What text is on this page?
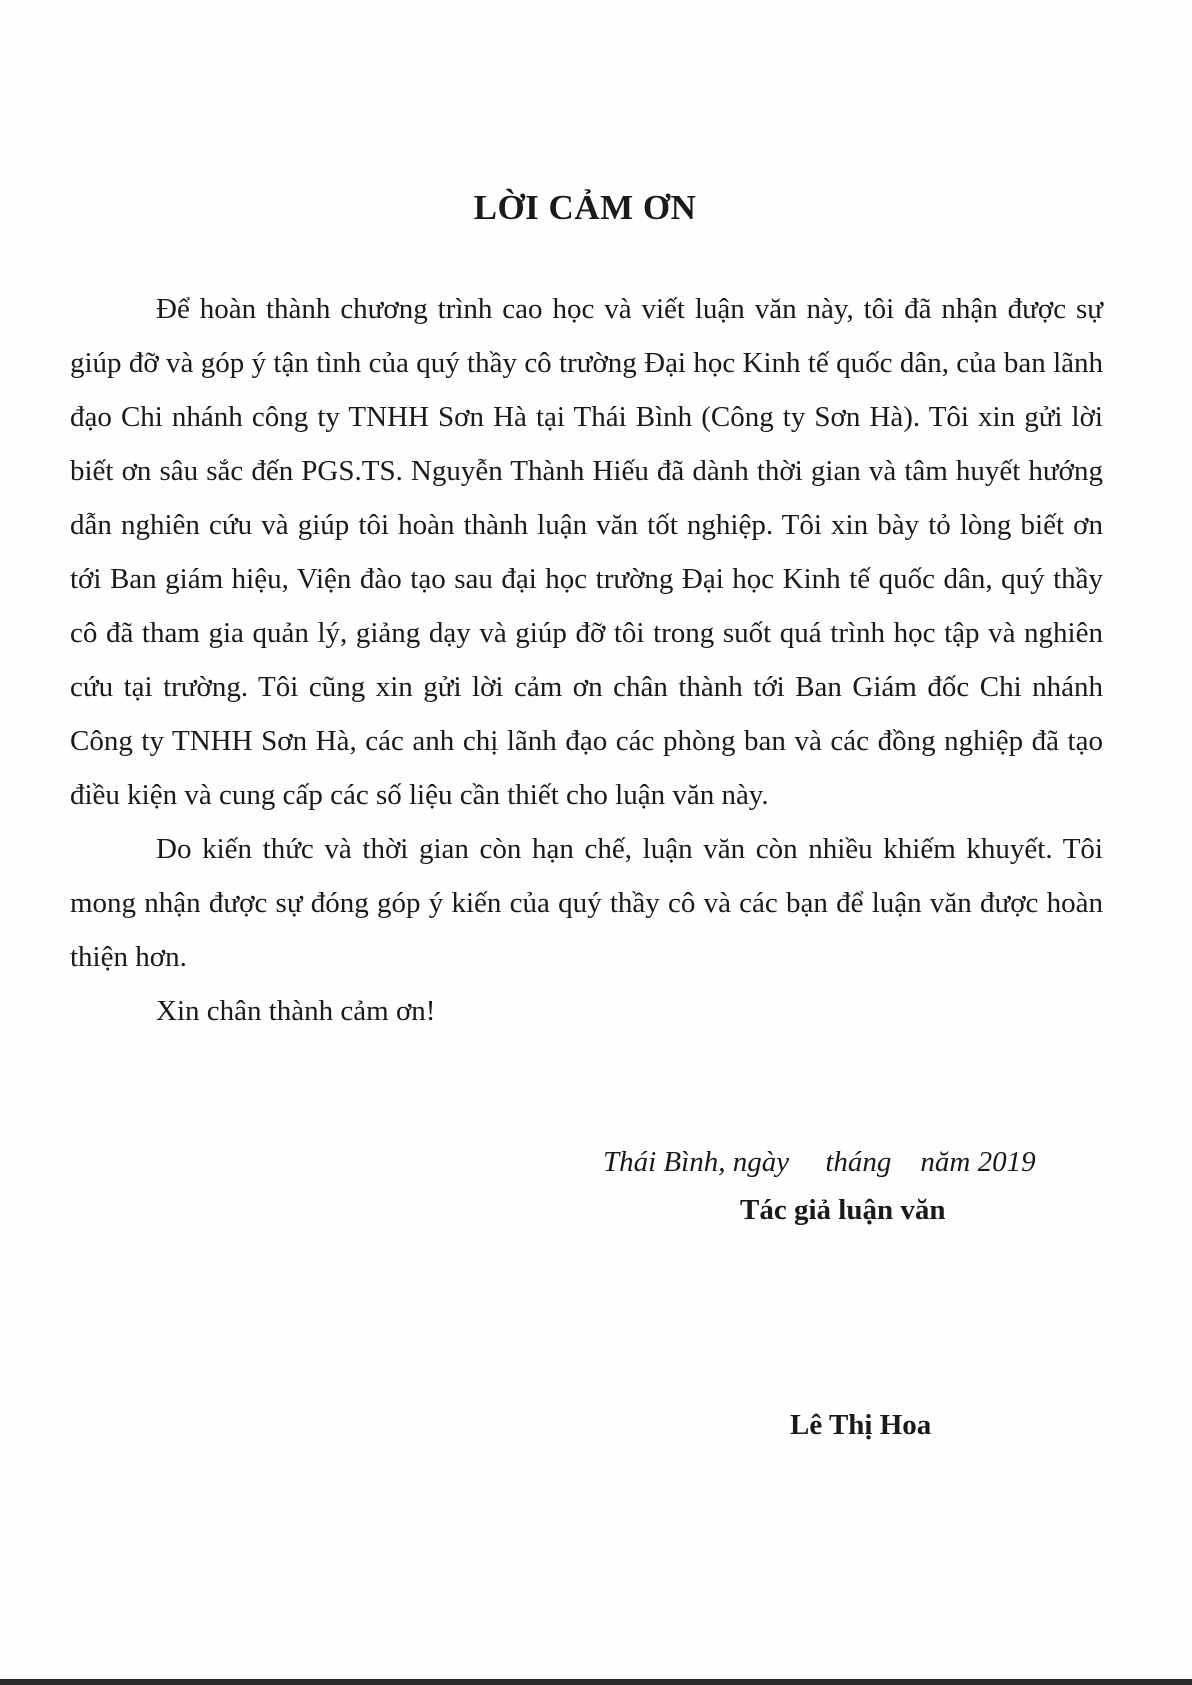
LỜI CẢM ƠN

Để hoàn thành chương trình cao học và viết luận văn này, tôi đã nhận được sự giúp đỡ và góp ý tận tình của quý thầy cô trường Đại học Kinh tế quốc dân, của ban lãnh đạo Chi nhánh công ty TNHH Sơn Hà tại Thái Bình (Công ty Sơn Hà). Tôi xin gửi lời biết ơn sâu sắc đến PGS.TS. Nguyễn Thành Hiếu đã dành thời gian và tâm huyết hướng dẫn nghiên cứu và giúp tôi hoàn thành luận văn tốt nghiệp. Tôi xin bày tỏ lòng biết ơn tới Ban giám hiệu, Viện đào tạo sau đại học trường Đại học Kinh tế quốc dân, quý thầy cô đã tham gia quản lý, giảng dạy và giúp đỡ tôi trong suốt quá trình học tập và nghiên cứu tại trường. Tôi cũng xin gửi lời cảm ơn chân thành tới Ban Giám đốc Chi nhánh Công ty TNHH Sơn Hà, các anh chị lãnh đạo các phòng ban và các đồng nghiệp đã tạo điều kiện và cung cấp các số liệu cần thiết cho luận văn này.

Do kiến thức và thời gian còn hạn chế, luận văn còn nhiều khiếm khuyết. Tôi mong nhận được sự đóng góp ý kiến của quý thầy cô và các bạn để luận văn được hoàn thiện hơn.

Xin chân thành cảm ơn!

Thái Bình, ngày     tháng    năm 2019
Tác giả luận văn
Lê Thị Hoa
